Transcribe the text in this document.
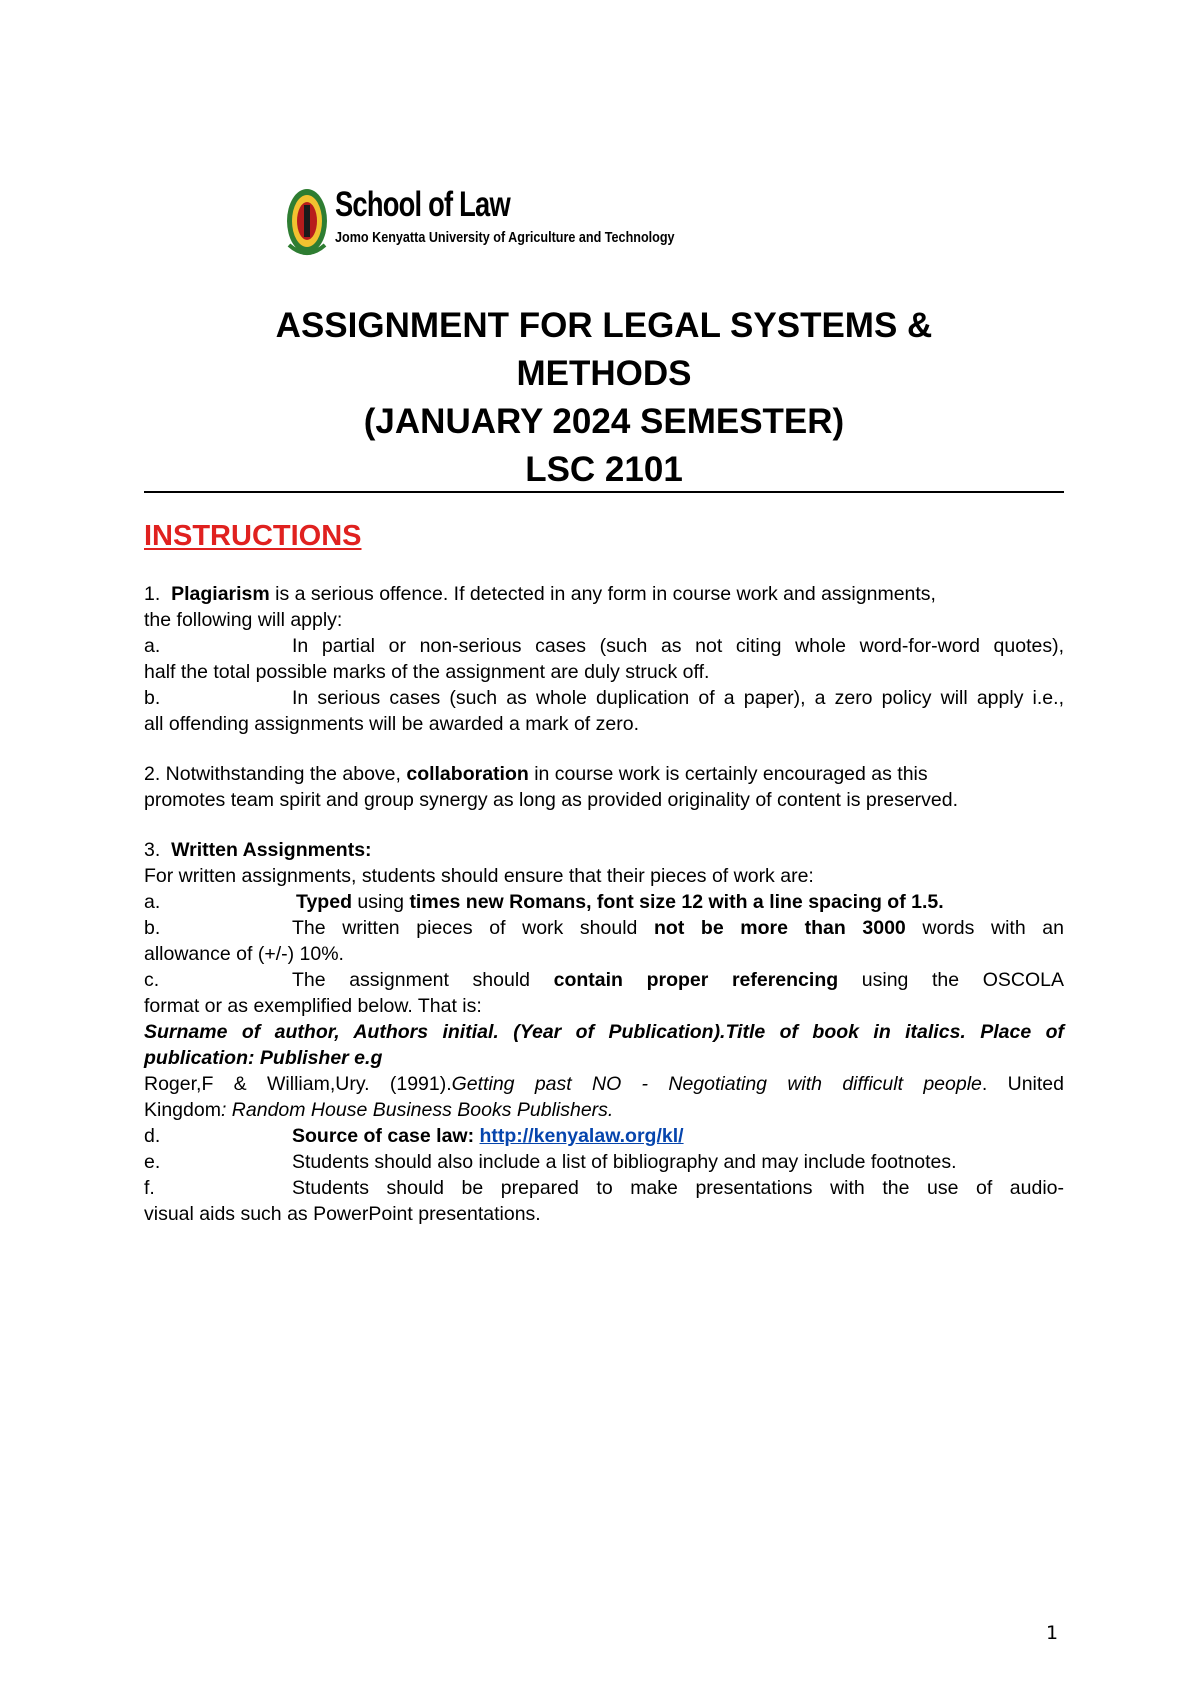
School of Law
Jomo Kenyatta University of Agriculture and Technology
ASSIGNMENT FOR LEGAL SYSTEMS &
METHODS
(JANUARY 2024 SEMESTER)
LSC 2101
INSTRUCTIONS
1. Plagiarism is a serious offence. If detected in any form in course work and assignments,
the following will apply:
a.	In partial or non-serious cases (such as not citing whole word-for-word quotes),
half the total possible marks of the assignment are duly struck off.
b.	In serious cases (such as whole duplication of a paper), a zero policy will apply i.e.,
all offending assignments will be awarded a mark of zero.
2. Notwithstanding the above, collaboration in course work is certainly encouraged as this
promotes team spirit and group synergy as long as provided originality of content is preserved.
3. Written Assignments:
For written assignments, students should ensure that their pieces of work are:
a.	Typed using times new Romans, font size 12 with a line spacing of 1.5.
b.	The written pieces of work should not be more than 3000 words with an
allowance of (+/-) 10%.
c.	The assignment should contain proper referencing using the OSCOLA
format or as exemplified below. That is:
Surname of author, Authors initial. (Year of Publication).Title of book in italics. Place of
publication: Publisher e.g
Roger,F & William,Ury. (1991).Getting past NO - Negotiating with difficult people. United
Kingdom: Random House Business Books Publishers.
d.	Source of case law: http://kenyalaw.org/kl/
e.	Students should also include a list of bibliography and may include footnotes.
f.	Students should be prepared to make presentations with the use of audio-
visual aids such as PowerPoint presentations.
1
